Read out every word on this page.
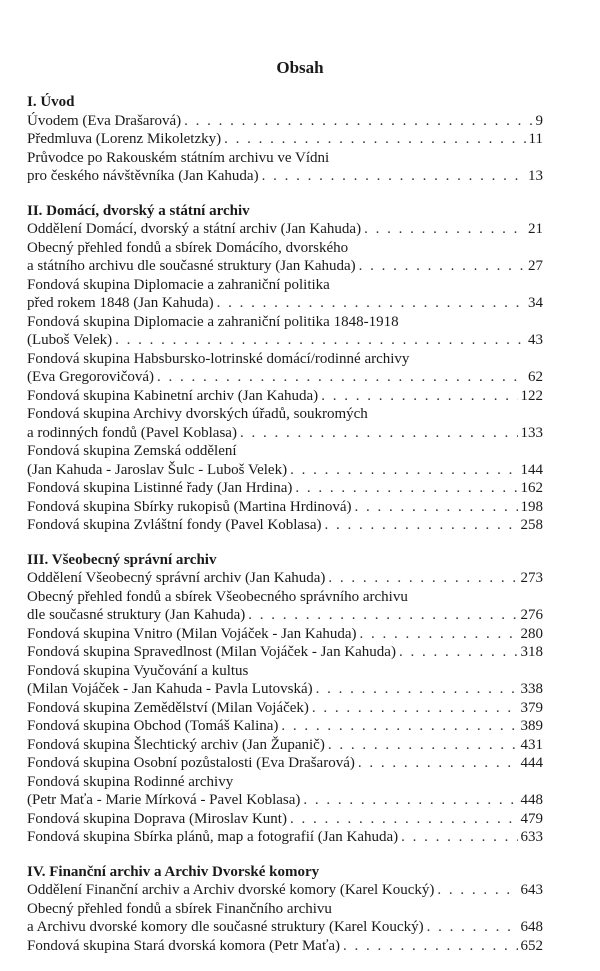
Obsah
I. Úvod
Úvodem (Eva Drašarová) . . .	9
Předmluva (Lorenz Mikoletzky) . . .	11
Průvodce po Rakouském státním archivu ve Vídni
pro českého návštěvníka (Jan Kahuda) . . .	13
II. Domácí, dvorský a státní archiv
Oddělení Domácí, dvorský a státní archiv (Jan Kahuda) . . .	21
Obecný přehled fondů a sbírek Domácího, dvorského
a státního archivu dle současné struktury (Jan Kahuda) . . .	27
Fondová skupina Diplomacie a zahraniční politika
před rokem 1848 (Jan Kahuda) . . .	34
Fondová skupina Diplomacie a zahraniční politika 1848-1918
(Luboš Velek) . . .	43
Fondová skupina Habsbursko-lotrinské domácí/rodinné archivy
(Eva Gregorovičová) . . .	62
Fondová skupina Kabinetní archiv (Jan Kahuda) . . .	122
Fondová skupina Archivy dvorských úřadů, soukromých
a rodinných fondů (Pavel Koblasa) . . .	133
Fondová skupina Zemská oddělení
(Jan Kahuda - Jaroslav Šulc - Luboš Velek) . . .	144
Fondová skupina Listinné řady (Jan Hrdina) . . .	162
Fondová skupina Sbírky rukopisů (Martina Hrdinová) . . .	198
Fondová skupina Zvláštní fondy (Pavel Koblasa) . . .	258
III. Všeobecný správní archiv
Oddělení Všeobecný správní archiv (Jan Kahuda) . . .	273
Obecný přehled fondů a sbírek Všeobecného správního archivu
dle současné struktury (Jan Kahuda) . . .	276
Fondová skupina Vnitro (Milan Vojáček - Jan Kahuda) . . .	280
Fondová skupina Spravedlnost (Milan Vojáček - Jan Kahuda) . . .	318
Fondová skupina Vyučování a kultus
(Milan Vojáček - Jan Kahuda - Pavla Lutovská) . . .	338
Fondová skupina Zemědělství (Milan Vojáček) . . .	379
Fondová skupina Obchod (Tomáš Kalina) . . .	389
Fondová skupina Šlechtický archiv (Jan Županič) . . .	431
Fondová skupina Osobní pozůstalosti (Eva Drašarová) . . .	444
Fondová skupina Rodinné archivy
(Petr Maťa - Marie Mírková - Pavel Koblasa) . . .	448
Fondová skupina Doprava (Miroslav Kunt) . . .	479
Fondová skupina Sbírka plánů, map a fotografií (Jan Kahuda) . . .	633
IV. Finanční archiv a Archiv Dvorské komory
Oddělení Finanční archiv a Archiv dvorské komory (Karel Koucký) . . .	643
Obecný přehled fondů a sbírek Finančního archivu
a Archivu dvorské komory dle současné struktury (Karel Koucký) . . .	648
Fondová skupina Stará dvorská komora (Petr Maťa) . . .	652
